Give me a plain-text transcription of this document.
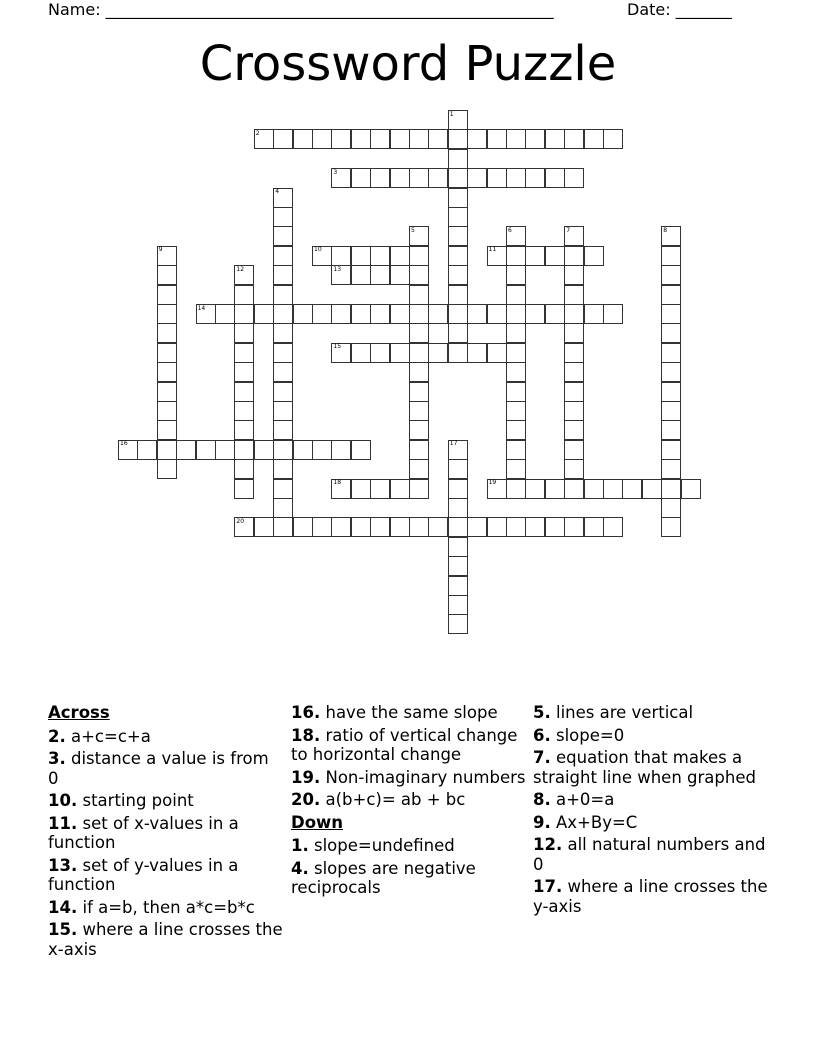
Name: ________________________________________________________	Date: _______
Crossword Puzzle
2
3
10	11
13
14
15
16
18	19
20
1
4
5	6	7	8
9
12
17
Across
2. a+c=c+a
3. distance a value is from 0
10. starting point
11. set of x-values in a function
13. set of y-values in a function
14. if a=b, then a*c=b*c
15. where a line crosses the x-axis
16. have the same slope
18. ratio of vertical change to horizontal change
19. Non-imaginary numbers
20. a(b+c)= ab + bc
Down
1. slope=undefined
4. slopes are negative reciprocals
5. lines are vertical
6. slope=0
7. equation that makes a straight line when graphed
8. a+0=a
9. Ax+By=C
12. all natural numbers and 0
17. where a line crosses the y-axis
